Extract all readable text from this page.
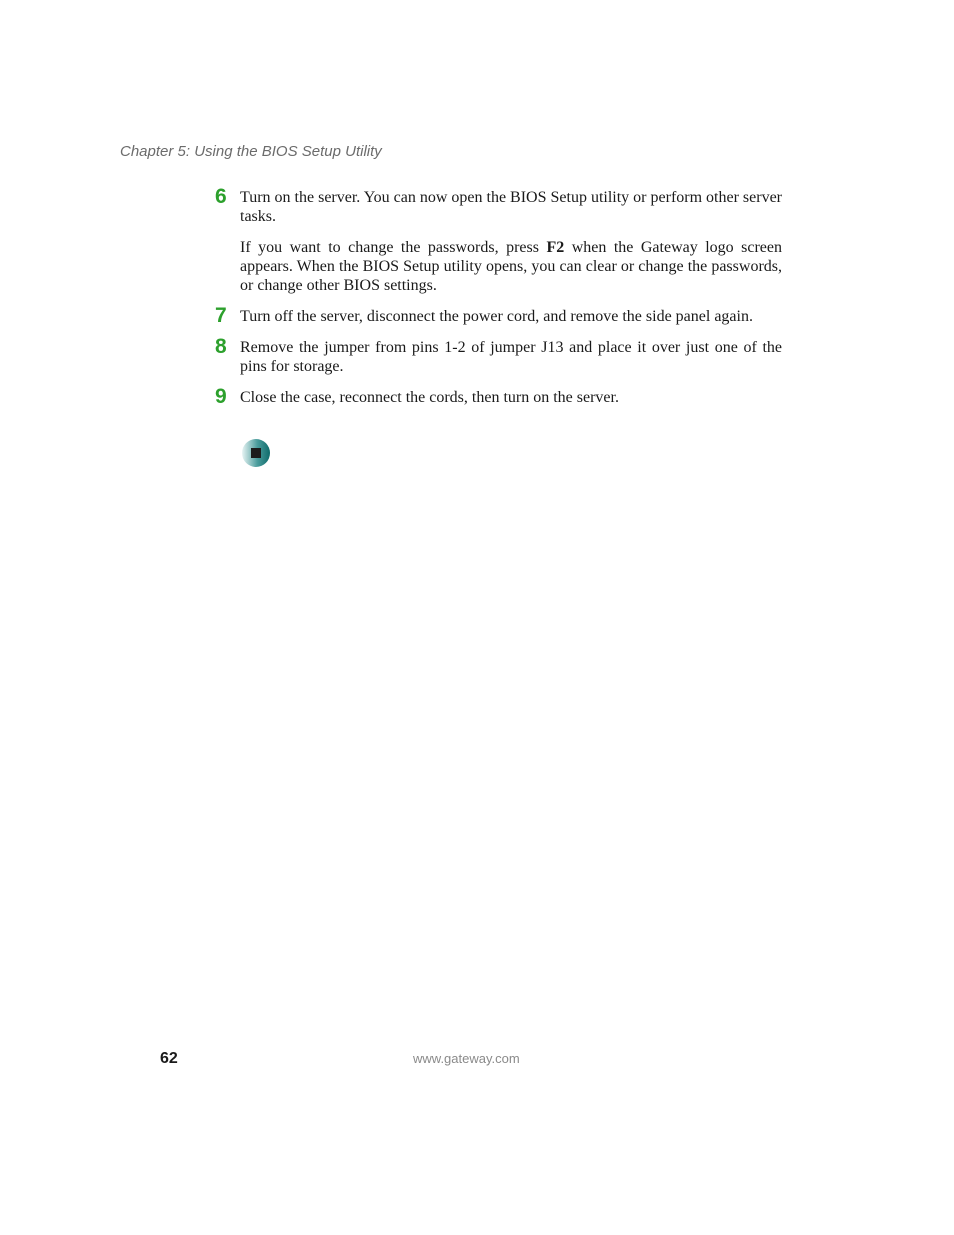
Chapter 5: Using the BIOS Setup Utility
6 Turn on the server. You can now open the BIOS Setup utility or perform other server tasks.

If you want to change the passwords, press F2 when the Gateway logo screen appears. When the BIOS Setup utility opens, you can clear or change the passwords, or change other BIOS settings.

7 Turn off the server, disconnect the power cord, and remove the side panel again.

8 Remove the jumper from pins 1-2 of jumper J13 and place it over just one of the pins for storage.

9 Close the case, reconnect the cords, then turn on the server.

62	www.gateway.com
